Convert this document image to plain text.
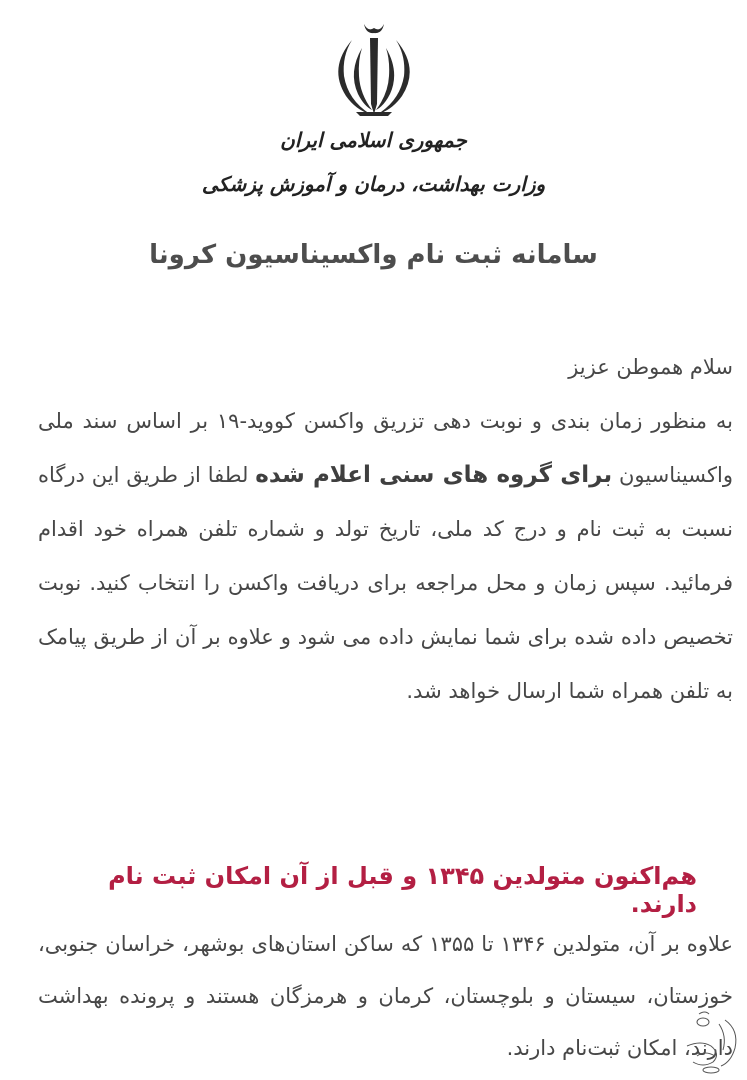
جمهوری اسلامی ایران
وزارت بهداشت، درمان و آموزش پزشکی
سامانه ثبت نام واکسیناسیون کرونا
سلام هموطن عزیز
به منظور زمان بندی و نوبت دهی تزریق واکسن کووید-۱۹ بر اساس سند ملی واکسیناسیون برای گروه های سنی اعلام شده لطفا از طریق این درگاه نسبت به ثبت نام و درج کد ملی، تاریخ تولد و شماره تلفن همراه خود اقدام فرمائید. سپس زمان و محل مراجعه برای دریافت واکسن را انتخاب کنید. نوبت تخصیص داده شده برای شما نمایش داده می شود و علاوه بر آن از طریق پیامک به تلفن همراه شما ارسال خواهد شد.
هم‌اکنون متولدین ۱۳۴۵ و قبل از آن امکان ثبت نام دارند.
علاوه بر آن، متولدین ۱۳۴۶ تا ۱۳۵۵ که ساکن استان‌های بوشهر، خراسان جنوبی، خوزستان، سیستان و بلوچستان، کرمان و هرمزگان هستند و پرونده بهداشت دارند، امکان ثبت‌نام دارند.
